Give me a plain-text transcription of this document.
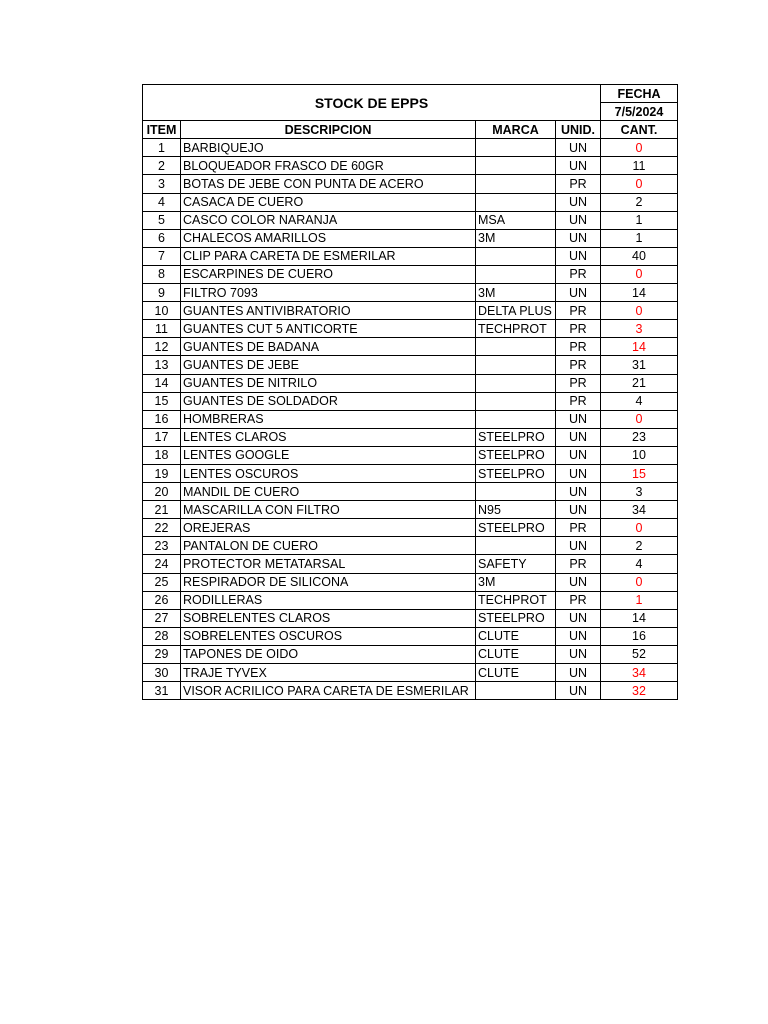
STOCK DE EPPS				FECHA
				7/5/2024
ITEM	DESCRIPCION	MARCA	UNID.	CANT.
1	BARBIQUEJO		UN	0
2	BLOQUEADOR FRASCO DE 60GR		UN	11
3	BOTAS DE JEBE CON PUNTA DE ACERO		PR	0
4	CASACA DE CUERO		UN	2
5	CASCO COLOR NARANJA	MSA	UN	1
6	CHALECOS AMARILLOS	3M	UN	1
7	CLIP PARA CARETA DE ESMERILAR		UN	40
8	ESCARPINES DE CUERO		PR	0
9	FILTRO 7093	3M	UN	14
10	GUANTES ANTIVIBRATORIO	DELTA PLUS	PR	0
11	GUANTES CUT 5 ANTICORTE	TECHPROT	PR	3
12	GUANTES DE BADANA		PR	14
13	GUANTES DE JEBE		PR	31
14	GUANTES DE NITRILO		PR	21
15	GUANTES DE SOLDADOR		PR	4
16	HOMBRERAS		UN	0
17	LENTES CLAROS	STEELPRO	UN	23
18	LENTES GOOGLE	STEELPRO	UN	10
19	LENTES OSCUROS	STEELPRO	UN	15
20	MANDIL DE CUERO		UN	3
21	MASCARILLA CON FILTRO	N95	UN	34
22	OREJERAS	STEELPRO	PR	0
23	PANTALON DE CUERO		UN	2
24	PROTECTOR METATARSAL	SAFETY	PR	4
25	RESPIRADOR DE SILICONA	3M	UN	0
26	RODILLERAS	TECHPROT	PR	1
27	SOBRELENTES CLAROS	STEELPRO	UN	14
28	SOBRELENTES OSCUROS	CLUTE	UN	16
29	TAPONES DE OIDO	CLUTE	UN	52
30	TRAJE TYVEX	CLUTE	UN	34
31	VISOR ACRILICO PARA CARETA DE ESMERILAR		UN	32
